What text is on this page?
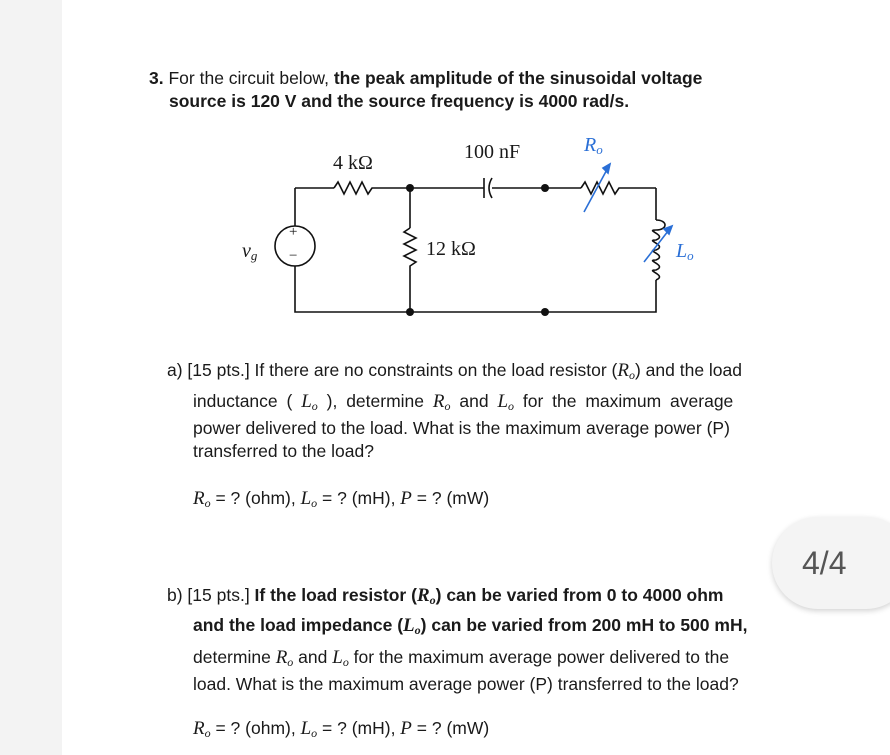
3. For the circuit below, the peak amplitude of the sinusoidal voltage
source is 120 V and the source frequency is 4000 rad/s.
4 kΩ	100 nF	$R_o$
12 kΩ	$L_o$
$v_g$
+
−
a) [15 pts.] If there are no constraints on the load resistor $(R_o)$ and the load
inductance ( $L_o$ ), determine $R_o$ and $L_o$ for the maximum average
power delivered to the load. What is the maximum average power (P)
transferred to the load?
$R_o$ = ? (ohm), $L_o$ = ? (mH), P = ? (mW)
b) [15 pts.] If the load resistor $(R_o)$ can be varied from 0 to 4000 ohm
and the load impedance $(L_o)$ can be varied from 200 mH to 500 mH,
determine $R_o$ and $L_o$ for the maximum average power delivered to the
load. What is the maximum average power (P) transferred to the load?
$R_o$ = ? (ohm), $L_o$ = ? (mH), P = ? (mW)
4/4
